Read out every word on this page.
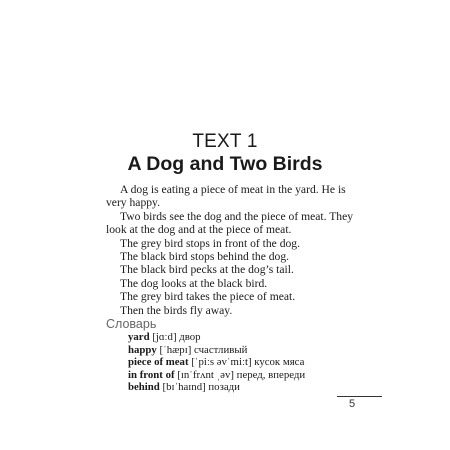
TEXT 1
A Dog and Two Birds

A dog is eating a piece of meat in the yard. He is very happy.

Two birds see the dog and the piece of meat. They look at the dog and at the piece of meat.

The grey bird stops in front of the dog.

The black bird stops behind the dog.

The black bird pecks at the dog’s tail.

The dog looks at the black bird.

The grey bird takes the piece of meat.

Then the birds fly away.

Словарь
yard [jɑːd] двор
happy [ˈhæpɪ] счастливый
piece of meat [ˈpiːs əvˈmiːt] кусок мяса
in front of [ɪnˈfrʌnt ˌəv] перед, впереди
behind [bɪˈhaɪnd] позади
5
